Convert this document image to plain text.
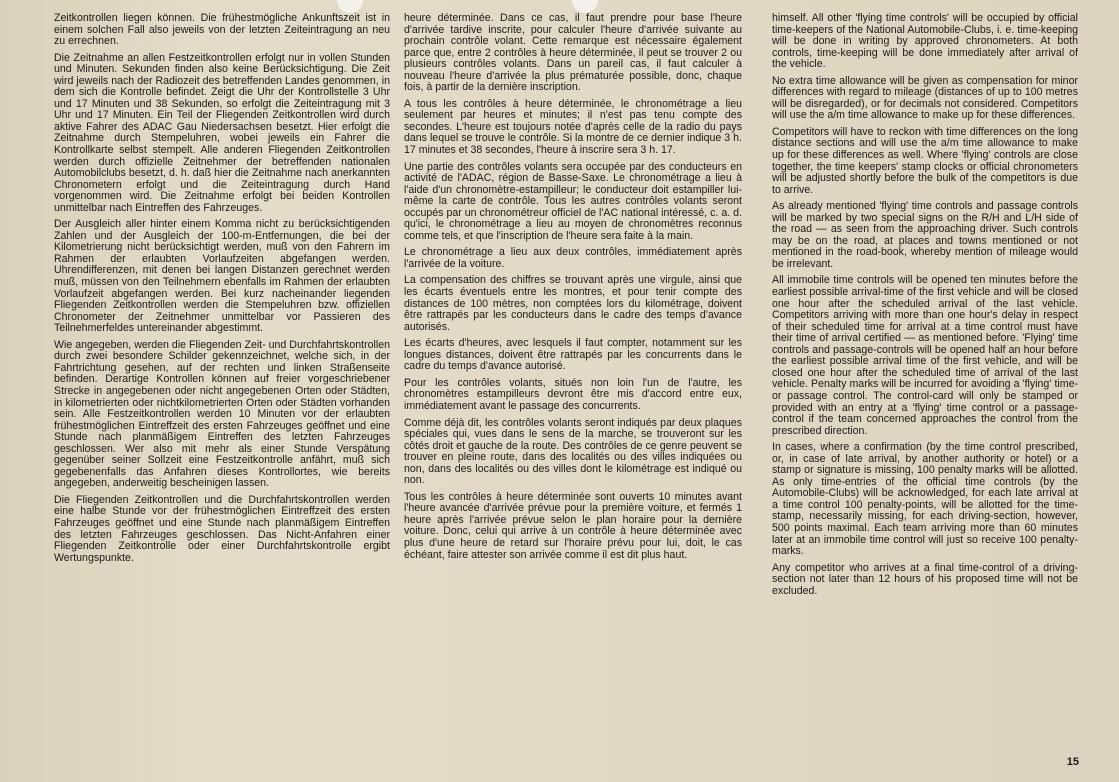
Zeitkontrollen liegen können. Die frühestmögliche Ankunftszeit ist in einem solchen Fall also jeweils von der letzten Zeiteintragung an neu zu errechnen.

Die Zeitnahme an allen Festzeitkontrollen erfolgt nur in vollen Stunden und Minuten. Sekunden finden also keine Berücksichtigung. Die Zeit wird jeweils nach der Radiozeit des betreffenden Landes genommen, in dem sich die Kontrolle befindet. Zeigt die Uhr der Kontrollstelle 3 Uhr und 17 Minuten und 38 Sekunden, so erfolgt die Zeiteintragung mit 3 Uhr und 17 Minuten. Ein Teil der Fliegenden Zeitkontrollen wird durch aktive Fahrer des ADAC Gau Niedersachsen besetzt. Hier erfolgt die Zeitnahme durch Stempeluhren, wobei jeweils ein Fahrer die Kontrollkarte selbst stempelt. Alle anderen Fliegenden Zeitkontrollen werden durch offizielle Zeitnehmer der betreffenden nationalen Automobilclubs besetzt, d. h. daß hier die Zeitnahme nach anerkannten Chronometern erfolgt und die Zeiteintragung durch Hand vorgenommen wird. Die Zeitnahme erfolgt bei beiden Kontrollen unmittelbar nach Eintreffen des Fahrzeuges.

Der Ausgleich aller hinter einem Komma nicht zu berücksichtigenden Zahlen und der Ausgleich der 100-m-Entfernungen, die bei der Kilometrierung nicht berücksichtigt werden, muß von den Fahrern im Rahmen der erlaubten Vorlaufzeiten abgefangen werden. Uhrendifferenzen, mit denen bei langen Distanzen gerechnet werden muß, müssen von den Teilnehmern ebenfalls im Rahmen der erlaubten Vorlaufzeit abgefangen werden. Bei kurz nacheinander liegenden Fliegenden Zeitkontrollen werden die Stempeluhren bzw. offiziellen Chronometer der Zeitnehmer unmittelbar vor Passieren des Teilnehmerfeldes untereinander abgestimmt.

Wie angegeben, werden die Fliegenden Zeit- und Durchfahrtskontrollen durch zwei besondere Schilder gekennzeichnet, welche sich, in der Fahrtrichtung gesehen, auf der rechten und linken Straßenseite befinden. Derartige Kontrollen können auf freier vorgeschriebener Strecke in angegebenen oder nicht angegebenen Orten oder Städten, in kilometrierten oder nichtkilometrierten Orten oder Städten vorhanden sein. Alle Festzeitkontrollen werden 10 Minuten vor der erlaubten frühestmöglichen Eintreffzeit des ersten Fahrzeuges geöffnet und eine Stunde nach planmäßigem Eintreffen des letzten Fahrzeuges geschlossen. Wer also mit mehr als einer Stunde Verspätung gegenüber seiner Sollzeit eine Festzeitkontrolle anfährt, muß sich gegebenenfalls das Anfahren dieses Kontrollortes, wie bereits angegeben, anderweitig bescheinigen lassen.

Die Fliegenden Zeitkontrollen und die Durchfahrtskontrollen werden eine halbe Stunde vor der frühestmöglichen Eintreffzeit des ersten Fahrzeuges geöffnet und eine Stunde nach planmäßigem Eintreffen des letzten Fahrzeuges geschlossen. Das Nicht-Anfahren einer Fliegenden Zeitkontrolle oder einer Durchfahrtskontrolle ergibt Wertungspunkte.

heure déterminée. Dans ce cas, il faut prendre pour base l'heure d'arrivée tardive inscrite, pour calculer l'heure d'arrivée suivante au prochain contrôle volant. Cette remarque est nécessaire également parce que, entre 2 contrôles à heure déterminée, il peut se trouver 2 ou plusieurs contrôles volants. Dans un pareil cas, il faut calculer à nouveau l'heure d'arrivée la plus prématurée possible, donc, chaque fois, à partir de la dernière inscription.

A tous les contrôles à heure déterminée, le chronométrage a lieu seulement par heures et minutes; il n'est pas tenu compte des secondes. L'heure est toujours notée d'après celle de la radio du pays dans lequel se trouve le contrôle. Si la montre de ce dernier indique 3 h. 17 minutes et 38 secondes, l'heure à inscrire sera 3 h. 17.

Une partie des contrôles volants sera occupée par des conducteurs en activité de l'ADAC, région de Basse-Saxe. Le chronométrage a lieu à l'aide d'un chronomètre-estampilleur; le conducteur doit estampiller lui-même la carte de contrôle. Tous les autres contrôles volants seront occupés par un chronométreur officiel de l'AC national intéressé, c. a. d. qu'ici, le chronométrage a lieu au moyen de chronomètres reconnus comme tels, et que l'inscription de l'heure sera faite à la main.

Le chronométrage a lieu aux deux contrôles, immédiatement après l'arrivée de la voiture.

La compensation des chiffres se trouvant après une virgule, ainsi que les écarts éventuels entre les montres, et pour tenir compte des distances de 100 mètres, non comptées lors du kilométrage, doivent être rattrapés par les conducteurs dans le cadre des temps d'avance autorisés.

Les écarts d'heures, avec lesquels il faut compter, notamment sur les longues distances, doivent être rattrapés par les concurrents dans le cadre du temps d'avance autorisé.

Pour les contrôles volants, situés non loin l'un de l'autre, les chronomètres estampilleurs devront être mis d'accord entre eux, immédiatement avant le passage des concurrents.

Comme déjà dit, les contrôles volants seront indiqués par deux plaques spéciales qui, vues dans le sens de la marche, se trouveront sur les côtés droit et gauche de la route. Des contrôles de ce genre peuvent se trouver en pleine route, dans des localités ou des villes indiquées ou non, dans des localités ou des villes dont le kilométrage est indiqué ou non.

Tous les contrôles à heure déterminée sont ouverts 10 minutes avant l'heure avancée d'arrivée prévue pour la première voiture, et fermés 1 heure après l'arrivée prévue selon le plan horaire pour la dernière voiture. Donc, celui qui arrive à un contrôle à heure déterminée avec plus d'une heure de retard sur l'horaire prévu pour lui, doit, le cas échéant, faire attester son arrivée comme il est dit plus haut.

himself. All other 'flying time controls' will be occupied by official time-keepers of the National Automobile-Clubs, i. e. time-keeping will be done in writing by approved chronometers. At both controls, time-keeping will be done immediately after arrival of the vehicle.

No extra time allowance will be given as compensation for minor differences with regard to mileage (distances of up to 100 metres will be disregarded), or for decimals not considered. Competitors will use the a/m time allowance to make up for these differences.

Competitors will have to reckon with time differences on the long distance sections and will use the a/m time allowance to make up for these differences as well. Where 'flying' controls are close together, the time keepers' stamp clocks or official chronometers will be adjusted shortly before the bulk of the competitors is due to arrive.

As already mentioned 'flying' time controls and passage controls will be marked by two special signs on the R/H and L/H side of the road — as seen from the approaching driver. Such controls may be on the road, at places and towns mentioned or not mentioned in the road-book, whereby mention of mileage would be irrelevant.

All immobile time controls will be opened ten minutes before the earliest possible arrival-time of the first vehicle and will be closed one hour after the scheduled arrival of the last vehicle. Competitors arriving with more than one hour's delay in respect of their scheduled time for arrival at a time control must have their time of arrival certified — as mentioned before. 'Flying' time controls and passage-controls will be opened half an hour before the earliest possible arrival time of the first vehicle, and will be closed one hour after the scheduled time of arrival of the last vehicle. Penalty marks will be incurred for avoiding a 'flying' time- or passage control. The control-card will only be stamped or provided with an entry at a 'flying' time control or a passage-control if the team concerned approaches the control from the prescribed direction.

In cases, where a confirmation (by the time control prescribed, or, in case of late arrival, by another authority or hotel) or a stamp or signature is missing, 100 penalty marks will be allotted. As only time-entries of the official time controls (by the Automobile-Clubs) will be acknowledged, for each late arrival at a time control 100 penalty-points, will be allotted for the time-stamp, necessarily missing, for each driving-section, however, 500 points maximal. Each team arriving more than 60 minutes later at an immobile time control will just so receive 100 penalty-marks.

Any competitor who arrives at a final time-control of a driving-section not later than 12 hours of his proposed time will not be excluded.

15
